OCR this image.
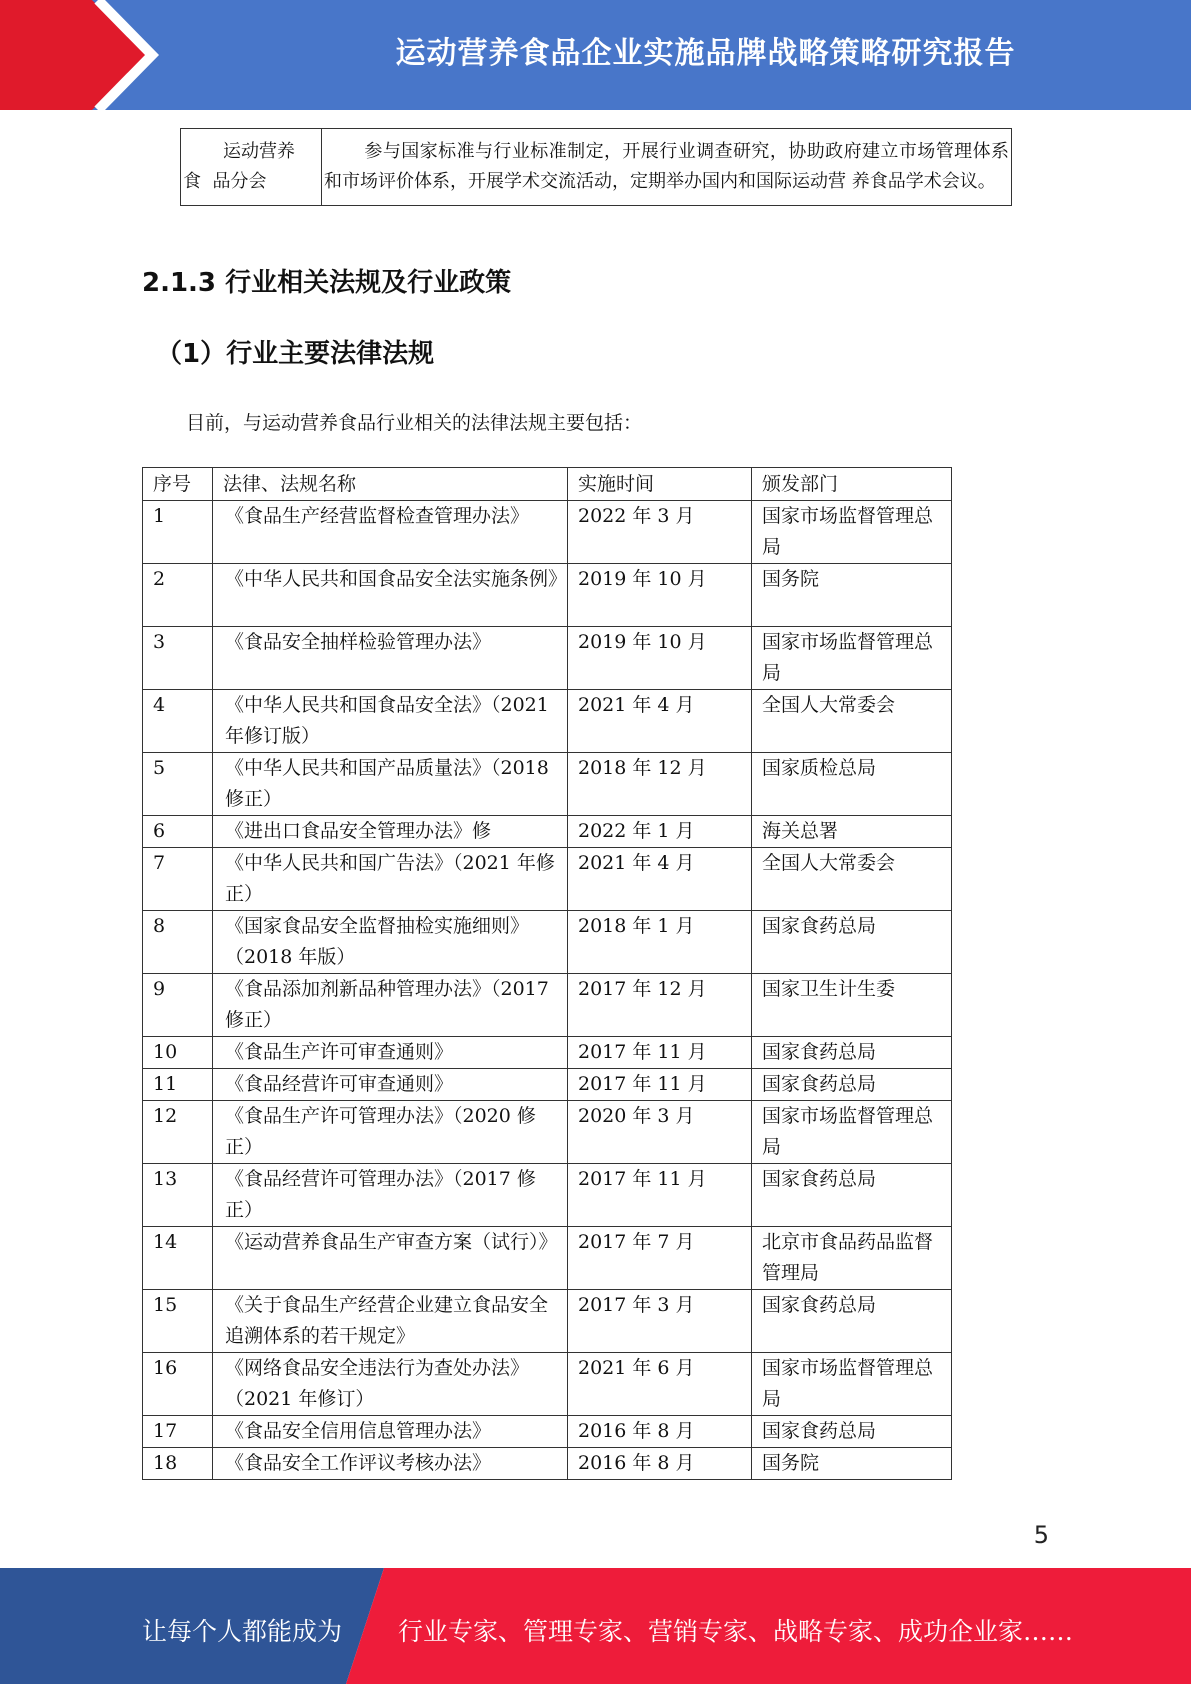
运动营养食品企业实施品牌战略策略研究报告
运动营养
食  品分会
	参与国家标准与行业标准制定，开展行业调查研究，协助政府建立市场管理体系和市场评价体系，开展学术交流活动，定期举办国内和国际运动营 养食品学术会议。
2.1.3 行业相关法规及行业政策
（1）行业主要法律法规
目前，与运动营养食品行业相关的法律法规主要包括：
序号	法律、法规名称	实施时间	颁发部门
1	《食品生产经营监督检查管理办法》	2022 年 3 月	国家市场监督管理总局
2	《中华人民共和国食品安全法实施条例》	2019 年 10 月	国务院
3	《食品安全抽样检验管理办法》	2019 年 10 月	国家市场监督管理总局
4	《中华人民共和国食品安全法》（2021 年修订版）	2021 年 4 月	全国人大常委会
5	《中华人民共和国产品质量法》（2018 修正）	2018 年 12 月	国家质检总局
6	《进出口食品安全管理办法》修	2022 年 1 月	海关总署
7	《中华人民共和国广告法》（2021 年修正）	2021 年 4 月	全国人大常委会
8	《国家食品安全监督抽检实施细则》 （2018 年版）	2018 年 1 月	国家食药总局
9	《食品添加剂新品种管理办法》（2017 修正）	2017 年 12 月	国家卫生计生委
10	《食品生产许可审查通则》	2017 年 11 月	国家食药总局
11	《食品经营许可审查通则》	2017 年 11 月	国家食药总局
12	《食品生产许可管理办法》（2020 修正）	2020 年 3 月	国家市场监督管理总局
13	《食品经营许可管理办法》（2017 修正）	2017 年 11 月	国家食药总局
14	《运动营养食品生产审查方案（试行）》	2017 年 7 月	北京市食品药品监督管理局
15	《关于食品生产经营企业建立食品安全追溯体系的若干规定》	2017 年 3 月	国家食药总局
16	《网络食品安全违法行为查处办法》 （2021 年修订）	2021 年 6 月	国家市场监督管理总局
17	《食品安全信用信息管理办法》	2016 年 8 月	国家食药总局
18	《食品安全工作评议考核办法》	2016 年 8 月	国务院
5
让每个人都能成为 行业专家、管理专家、营销专家、战略专家、成功企业家……
